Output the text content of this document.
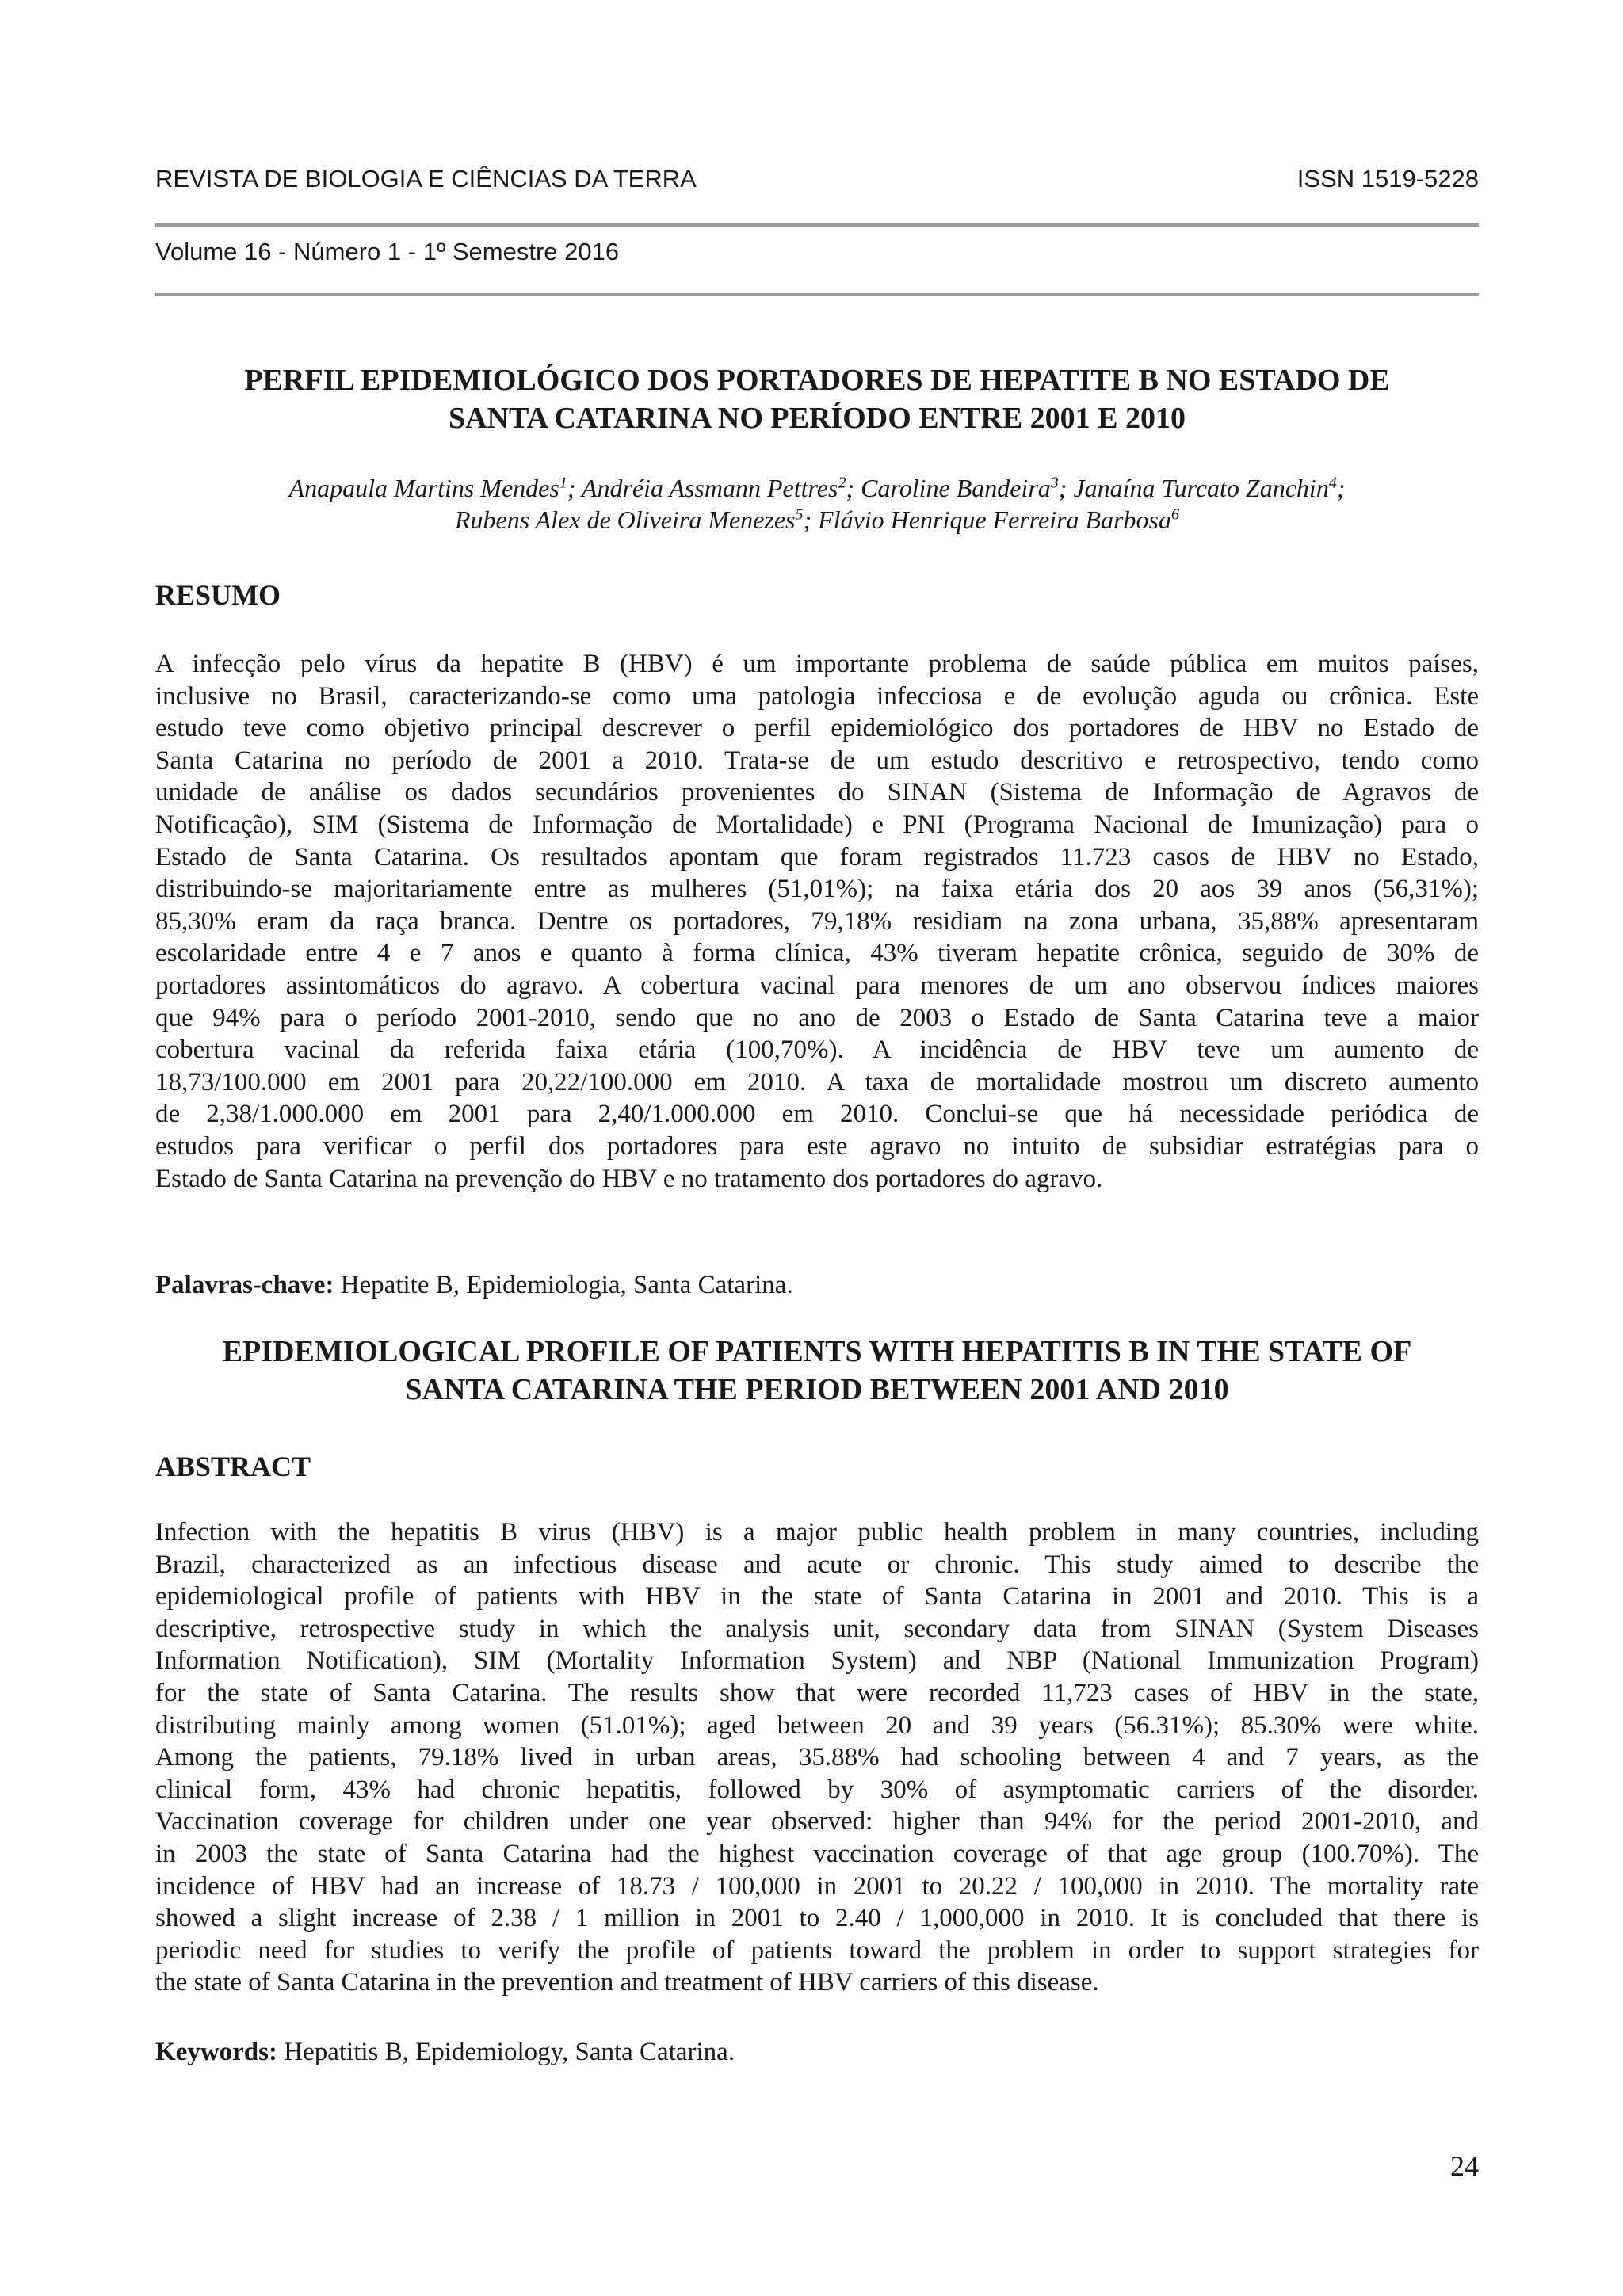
REVISTA DE BIOLOGIA E CIÊNCIAS DA TERRA	ISSN 1519-5228
Volume 16 - Número 1 - 1º Semestre 2016
PERFIL EPIDEMIOLÓGICO DOS PORTADORES DE HEPATITE B NO ESTADO DE
SANTA CATARINA NO PERÍODO ENTRE 2001 E 2010
Anapaula Martins Mendes$^1$; Andréia Assmann Pettres$^2$; Caroline Bandeira$^3$; Janaína Turcato Zanchin$^4$;
Rubens Alex de Oliveira Menezes$^5$; Flávio Henrique Ferreira Barbosa$^6$
RESUMO

A infecção pelo vírus da hepatite B (HBV) é um importante problema de saúde pública em muitos países,
inclusive no Brasil, caracterizando-se como uma patologia infecciosa e de evolução aguda ou crônica. Este
estudo teve como objetivo principal descrever o perfil epidemiológico dos portadores de HBV no Estado de
Santa Catarina no período de 2001 a 2010. Trata-se de um estudo descritivo e retrospectivo, tendo como
unidade de análise os dados secundários provenientes do SINAN (Sistema de Informação de Agravos de
Notificação), SIM (Sistema de Informação de Mortalidade) e PNI (Programa Nacional de Imunização) para o
Estado de Santa Catarina. Os resultados apontam que foram registrados 11.723 casos de HBV no Estado,
distribuindo-se majoritariamente entre as mulheres (51,01%); na faixa etária dos 20 aos 39 anos (56,31%);
85,30% eram da raça branca. Dentre os portadores, 79,18% residiam na zona urbana, 35,88% apresentaram
escolaridade entre 4 e 7 anos e quanto à forma clínica, 43% tiveram hepatite crônica, seguido de 30% de
portadores assintomáticos do agravo. A cobertura vacinal para menores de um ano observou índices maiores
que 94% para o período 2001-2010, sendo que no ano de 2003 o Estado de Santa Catarina teve a maior
cobertura vacinal da referida faixa etária (100,70%). A incidência de HBV teve um aumento de
18,73/100.000 em 2001 para 20,22/100.000 em 2010. A taxa de mortalidade mostrou um discreto aumento
de 2,38/1.000.000 em 2001 para 2,40/1.000.000 em 2010. Conclui-se que há necessidade periódica de
estudos para verificar o perfil dos portadores para este agravo no intuito de subsidiar estratégias para o
Estado de Santa Catarina na prevenção do HBV e no tratamento dos portadores do agravo.

Palavras-chave: Hepatite B, Epidemiologia, Santa Catarina.
EPIDEMIOLOGICAL PROFILE OF PATIENTS WITH HEPATITIS B IN THE STATE OF
SANTA CATARINA THE PERIOD BETWEEN 2001 AND 2010
ABSTRACT

Infection with the hepatitis B virus (HBV) is a major public health problem in many countries, including
Brazil, characterized as an infectious disease and acute or chronic. This study aimed to describe the
epidemiological profile of patients with HBV in the state of Santa Catarina in 2001 and 2010. This is a
descriptive, retrospective study in which the analysis unit, secondary data from SINAN (System Diseases
Information Notification), SIM (Mortality Information System) and NBP (National Immunization Program)
for the state of Santa Catarina. The results show that were recorded 11,723 cases of HBV in the state,
distributing mainly among women (51.01%); aged between 20 and 39 years (56.31%); 85.30% were white.
Among the patients, 79.18% lived in urban areas, 35.88% had schooling between 4 and 7 years, as the
clinical form, 43% had chronic hepatitis, followed by 30% of asymptomatic carriers of the disorder.
Vaccination coverage for children under one year observed: higher than 94% for the period 2001-2010, and
in 2003 the state of Santa Catarina had the highest vaccination coverage of that age group (100.70%). The
incidence of HBV had an increase of 18.73 / 100,000 in 2001 to 20.22 / 100,000 in 2010. The mortality rate
showed a slight increase of 2.38 / 1 million in 2001 to 2.40 / 1,000,000 in 2010. It is concluded that there is
periodic need for studies to verify the profile of patients toward the problem in order to support strategies for
the state of Santa Catarina in the prevention and treatment of HBV carriers of this disease.

Keywords: Hepatitis B, Epidemiology, Santa Catarina.
24
